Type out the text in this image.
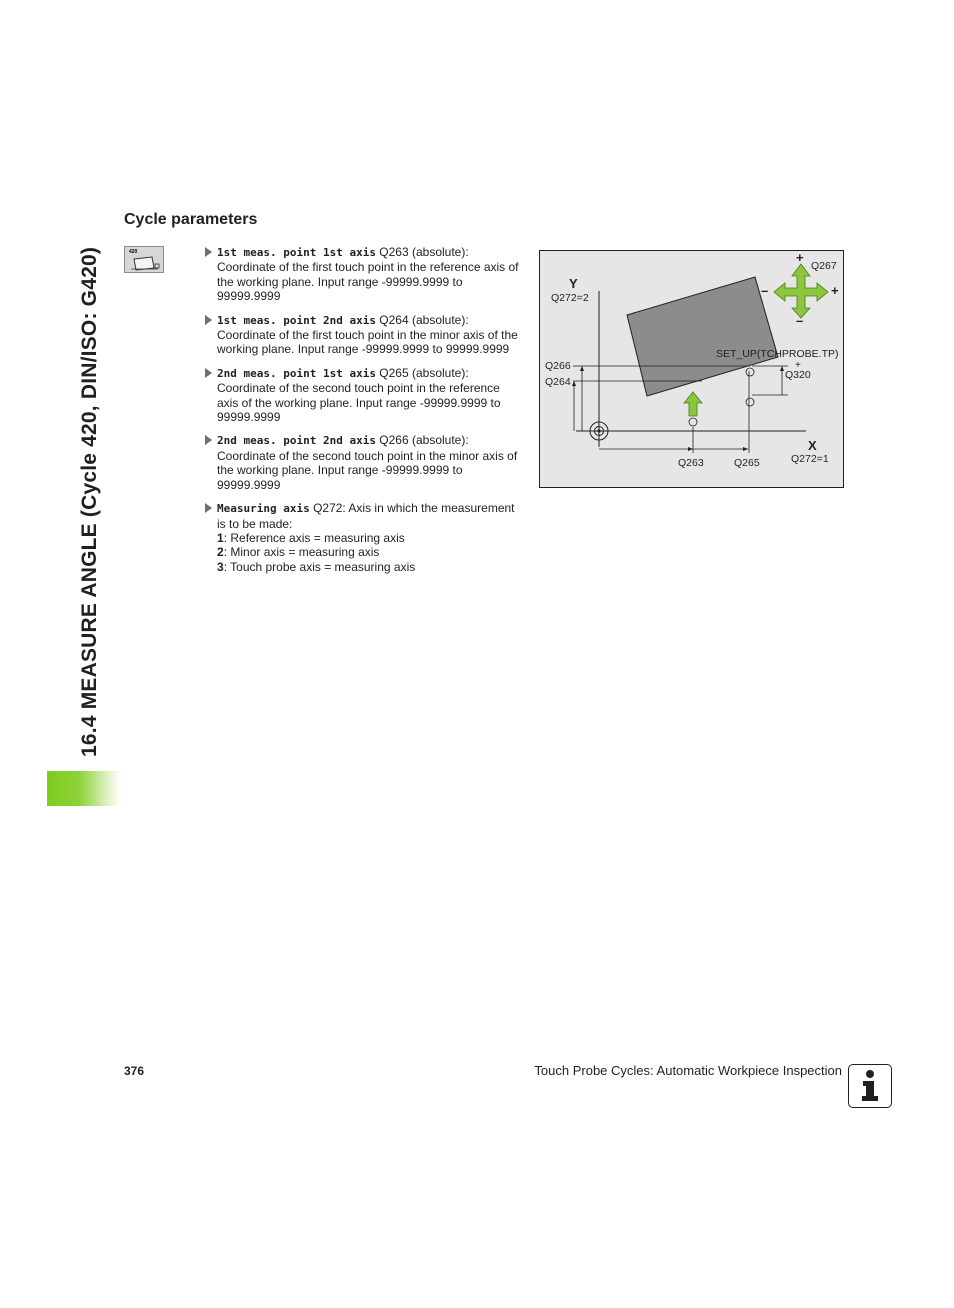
16.4 MEASURE ANGLE (Cycle 420, DIN/ISO: G420)
Cycle parameters
420	1st meas. point 1st axis Q263 (absolute):
Coordinate of the first touch point in the reference axis of the working plane. Input range -99999.9999 to 99999.9999
1st meas. point 2nd axis Q264 (absolute):
Coordinate of the first touch point in the minor axis of the working plane. Input range -99999.9999 to 99999.9999
2nd meas. point 1st axis Q265 (absolute):
Coordinate of the second touch point in the reference axis of the working plane. Input range -99999.9999 to 99999.9999
2nd meas. point 2nd axis Q266 (absolute):
Coordinate of the second touch point in the minor axis of the working plane. Input range -99999.9999 to 99999.9999
Measuring axis Q272: Axis in which the measurement is to be made:
1: Reference axis = measuring axis
2: Minor axis = measuring axis
3: Touch probe axis = measuring axis
Y
X
Q272=2
Q272=1
Q266
Q264
Q263	Q265
Q267
Q320
SET_UP(TCHPROBE.TP)
+
+
+
–
–
376	Touch Probe Cycles: Automatic Workpiece Inspection
